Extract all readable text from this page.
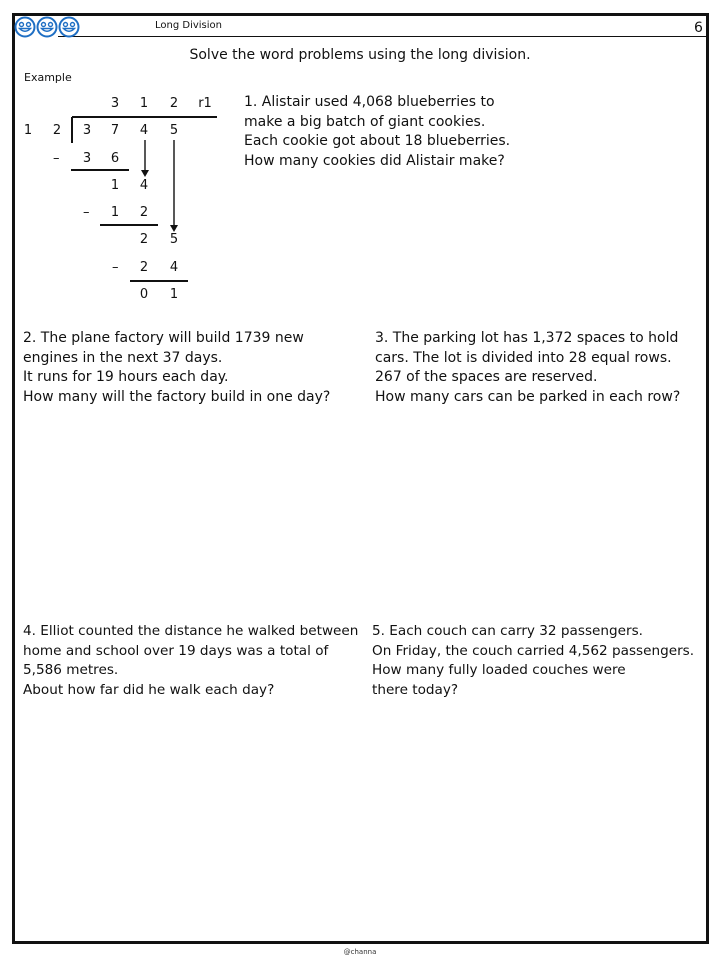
Long Division	6
Solve the word problems using the long division.
Example
3	1	2	r1
1	2	3	7	4	5
–	3	6
1	4
–	1	2
2	5
–	2	4
0	1
1. Alistair used 4,068 blueberries to
make a big batch of giant cookies.
Each cookie got about 18 blueberries.
How many cookies did Alistair make?
2. The plane factory will build 1739 new
engines in the next 37 days.
It runs for 19 hours each day.
How many will the factory build in one day?
3. The parking lot has 1,372 spaces to hold
cars. The lot is divided into 28 equal rows.
267 of the spaces are reserved.
How many cars can be parked in each row?
4. Elliot counted the distance he walked between
home and school over 19 days was a total of
5,586 metres.
About how far did he walk each day?
5. Each couch can carry 32 passengers.
On Friday, the couch carried 4,562 passengers.
How many fully loaded couches were
there today?
@channa
